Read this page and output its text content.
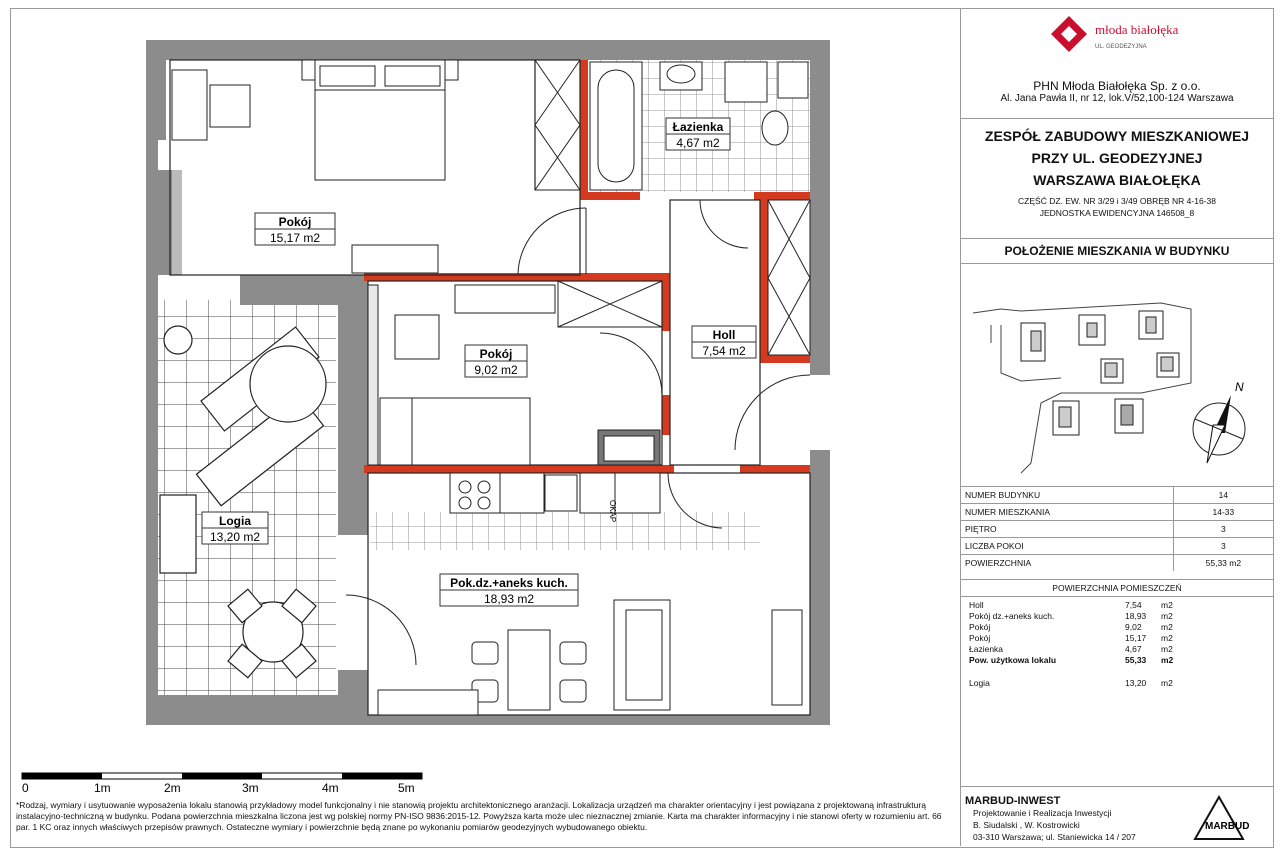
Pokój
15,17 m2
Łazienka
4,67 m2
Holl
7,54 m2
Pokój
9,02 m2
Pok.dz.+aneks kuch.
18,93 m2
Logia
13,20 m2
OKAP
0	1m	2m	3m	4m	5m
*Rodzaj, wymiary i usytuowanie wyposażenia lokalu stanowią przykładowy model funkcjonalny i nie stanowią projektu architektonicznego aranżacji. Lokalizacja urządzeń ma charakter orientacyjny i jest powiązana z projektowaną infrastrukturą instalacyjno-techniczną w budynku. Podana powierzchnia mieszkalna liczona jest wg polskiej normy PN-ISO 9836:2015-12. Powyższa karta może ulec nieznacznej zmianie. Karta ma charakter informacyjny i nie stanowi oferty w rozumieniu art. 66 par. 1 KC oraz innych właściwych przepisów prawnych. Ostateczne wymiary i powierzchnie będą znane po wykonaniu pomiarów geodezyjnych wybudowanego obiektu.
młoda białołęka
UL. GEODEZYJNA
PHN Młoda Białołęka Sp. z o.o.
Al. Jana Pawła II, nr 12, lok.V/52,100-124 Warszawa
ZESPÓŁ ZABUDOWY MIESZKANIOWEJ
PRZY UL. GEODEZYJNEJ
WARSZAWA BIAŁOŁĘKA
CZĘŚĆ DZ. EW. NR 3/29 i 3/49 OBRĘB NR 4-16-38
JEDNOSTKA EWIDENCYJNA 146508_8
POŁOŻENIE MIESZKANIA W BUDYNKU
N
NUMER BUDYNKU	14
NUMER MIESZKANIA	14-33
PIĘTRO	3
LICZBA POKOI	3
POWIERZCHNIA	55,33 m2
POWIERZCHNIA POMIESZCZEŃ
Holl	7,54 m2
Pokój dz.+aneks kuch.	18,93 m2
Pokój	9,02 m2
Pokój	15,17 m2
Łazienka	4,67 m2
Pow. użytkowa lokalu	55,33 m2
Logia	13,20 m2
MARBUD-INWEST
Projektowanie i Realizacja Inwestycji
B. Siudalski , W. Kostrowicki
03-310 Warszawa; ul. Staniewicka 14 / 207
MARBUD
